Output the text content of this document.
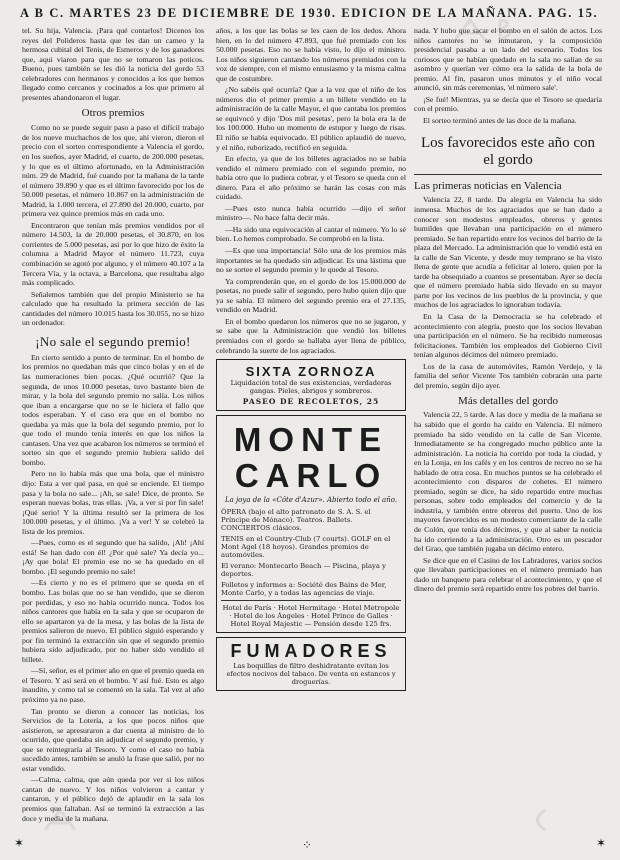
A B C. MARTES 23 DE DICIEMBRE DE 1930. EDICION DE LA MAÑANA. PAG. 15.

tel. Su hija, Valencia. ¡Para qué contarlos! Dicenos los reyes del Polideros hasta que les dan un cameo y la hermosa cubital del Tenis, de Esmeros y de los ganadores que, aqui viaron para que no se tomaron las poticos. Bueno, pues también se les dió la noticia del gordo 53 celebradores con hermanos y conocidos a los que hemos llegado como cercanos y cocinados a los que primero al presentes ahandonaron el lugar.

Otros premios

Como no se puede seguir paso a paso el difícil trabajo de los nueve muchachos de los que, ahí vieron, dieron el precio con el sorteo correspondiente a Valencia el gordo, en los sueños, ayer Madrid, el cuarto, de 200.000 pesetas, y lo que es el último afortunado, en la Administración núm. 29 de Madrid, fué cuando por la mañana de la tarde el número 39.890 y que es el último favorecido por los de 50.000 pesetas, el número 10.867 en la administración de Madrid, la 1.000 tercera, el 27.890 del 20.000, cuarto, por primera vez quince premios más en cada uno.

Encontraron que tenían más premios vendidos por el número 14.503, la de 20.000 pesetas, el 30.870, en los corrientes de 5.000 pesetas, asi por lo que hizo de éxito la columna a Madrid Mayor el número 11.723, cuya combinación se agotó por alguno, y el número 40.107 a la Tercera Vía, y la octava, a Barcelona, que resultaba algo más complicado.

Señalemos también que del propio Ministerio se ha calculado que ha resultado la primera sección de las cantidades del número 10.015 hasta los 30.055, no se hizo un ordenador.

¡No sale el segundo premio!

En cierto sentido a punto de terminar. En el bombo de los premios no quedaban más que cinco bolas y en el de las numeraciones bien pocas. ¿Qué ocurrió? Que la segunda, de unos 10.000 pesetas, tuvo bastante bien de mirar, y la bola del segundo premio no salía. Los niños que iban a encargarse que no se le hiciera el fallo que todos esperaban. Y el caso era que en el bombo no quedaba ya más que la bola del segundo premio, por lo que todo el mundo tenía interés en que los niños la cantasen. Una vez que acabaron los números se terminó el sorteo sin que el segundo premio hubiera salido del bombo.

Pero no lo había más que una bola, que el ministro dijo: Esta a ver qué pasa, en qué se enciende. El tiempo pasa y la bola no sale... ¡Ah, se sale! Dice, de pronto. Se esperan nuevas bolas, tras ellas. ¡Va, a ver si por fin sale! ¡Qué serio! Y la última resultó ser la primera de los 100.000 pesetas, y el último. ¡Va a ver! Y se celebró la lista de los premios.

—Pues, como es el segundo que ha salido, ¡Ah! ¡Ahí está! Se han dado con él! ¿Por qué sale? Ya decía yo... ¡Ay que bola! El premio ese no se ha quedado en el bombo. ¡El segundo premio no sale!

—Es cierto y no es el primero que se queda en el bombo. Las bolas que no se han vendido, que se dieron por perdidas, y eso no había ocurrido nunca. Todos los niños cantores que había en la sala y que se ocuparon de ello se apartaron ya de la mesa, y las bolas de la lista de premios salieron de nuevo. El público siguió esperando y por fin terminó la extracción sin que el segundo premio hubiera sido adjudicado, por no haber sido vendido el billete.

—Sí, señor, es el primer año en que el premio queda en el Tesoro. Y así será en el bombo. Y así fué. Esto es algo inaudito, y como tal se comentó en la sala. Tal vez al año próximo ya no pase.

Tan pronto se dieron a conocer las noticias, los Servicios de la Lotería, a los que pocos niños que asistieron, se apresuraron a dar cuenta al ministro de lo ocurrido, que quedaba sin adjudicar el segundo premio, y que se reintegraría al Tesoro. Y como el caso no había sucedido antes, también se anuló la frase que salió, por no estar vendido.

—Calma, calma, que aún queda por ver si los niños cantan de nuevo. Y los niños volvieron a cantar y cantaron, y el público dejó de aplaudir en la sala los premios que faltaban. Así se terminó la extracción a las doce y media de la mañana.

años, a los que las bolas se les caen de los dedos. Ahora bien, en lo del número 47.893, que fué premiado con los 50.000 pesetas. Eso no se había visto, lo dijo el ministro. Los niños siguieron cantando los números premiados con la voz de siempre, con el mismo entusiasmo y la misma calma que de costumbre.

¿No sabéis qué ocurría? Que a la vez que el niño de los números dio el primer premio a un billete vendido en la administración de la calle Mayor, el que cantaba los premios se equivocó y dijo 'Dos mil pesetas', pero la bola era la de los 100.000. Hubo un momento de estupor y luego de risas. El niño se había equivocado. El público aplaudió de nuevo, y el niño, ruborizado, rectificó en seguida.

En efecto, ya que de los billetes agraciados no se había vendido el número premiado con el segundo premio, no había otro que lo pudiera cobrar, y el Tesoro se queda con el dinero. Para el año próximo se harán las cosas con más cuidado.

—Pues esto nunca había ocurrido —dijo el señor ministro—. No hace falta decir más.

—Ha sido una equivocación al cantar el número. Yo lo sé bien. Lo hemos comprobado. Se comprobó en la lista.

—Es que una importancia! Sólo una de los premios más importantes se ha quedado sin adjudicar. Es una lástima que no se sortee el segundo premio y le quede al Tesoro.

Ya comprenderán que, en el gordo de los 15.000.000 de pesetas, no puede salir el segundo, pero hubo quien dijo que ya se sabía. El número del segundo premio era el 27.135, vendido en Madrid.

En el bombo quedaron los números que no se jugaron, y se sabe que la Administración que vendió los billetes premiados con el gordo se hallaba ayer llena de público, celebrando la suerte de los agraciados.

SIXTA ZORNOZA
Liquidación total de sus existencias, verdaderas gangas. Pieles, abrigos y sombreros.
PASEO DE RECOLETOS, 25
MONTE CARLO
La joya de la «Côte d'Azur». Abierto todo el año.

ÓPERA (bajo el alto patronato de S. A. S. el Príncipe de Mónaco). Teatros. Ballets. CONCIERTOS clásicos.

TENIS en el Country-Club (7 courts). GOLF en el Mont Agel (18 hoyos). Grandes premios de automóviles.

El verano: Montecarlo Beach — Piscina, playa y deportes.

Folletos y informes a: Société des Bains de Mer, Monte Carlo, y a todas las agencias de viaje.

Hotel de París · Hotel Hermitage · Hotel Metropole · Hotel de los Ángeles · Hotel Prince de Galles · Hotel Royal Majestic — Pensión desde 125 frs.
FUMADORES
Las boquillas de filtro deshidratante evitan los efectos nocivos del tabaco. De venta en estancos y droguerías.

nada. Y hubo que sacar el bombo en el salón de actos. Los niños cantores no se inmutaron, y la composición presidencial pasaba a un lado del escenario. Todos los curiosos que se habían quedado en la sala no salían de su asombro y querían ver cómo era la salida de la bola de premio. Al fin, pasaron unos minutos y el niño vocal anunció, sin más ceremonias, 'el número sale'.

¡Se fué! Mientras, ya se decía que el Tesoro se quedaría con el premio.

El sorteo terminó antes de las doce de la mañana.

Los favorecidos este año con el gordo
Las primeras noticias en Valencia

Valencia 22, 8 tarde. Da alegría en Valencia ha sido inmensa. Muchos de los agraciados que se han dado a conocer son modestos empleados, obreros y gentes humildes que llevaban una participación en el número premiado. Se han repartido entre los vecinos del barrio de la plaza del Mercado. La administración que lo vendió está en la calle de San Vicente, y desde muy temprano se ha visto llena de gente que acudía a felicitar al lotero, quien por la tarde ha obsequiado a cuantos se presentaban. Ayer se decía que el número premiado había sido llevado en su mayor parte por los vecinos de los pueblos de la provincia, y que muchos de los agraciados lo ignoraban todavía.

En la Casa de la Democracia se ha celebrado el acontecimiento con alegría, puesto que los socios llevaban una participación en el número. Se ha recibido numerosas felicitaciones. También los empleados del Gobierno Civil tenían algunos décimos del número premiado.

Los de la casa de automóviles, Ramón Verdejo, y la familia del señor Vicente Tos también cobrarán una parte del premio, según dijo ayer.

Más detalles del gordo

Valencia 22, 5 tarde. A las doce y media de la mañana se ha sabido que el gordo ha caído en Valencia. El número premiado ha sido vendido en la calle de San Vicente. Inmediatamente se ha congregado mucho público ante la administración. La noticia ha corrido por toda la ciudad, y en la Lonja, en los cafés y en los centros de recreo no se ha hablado de otra cosa. En muchos puntos se ha celebrado el acontecimiento con disparos de cohetes. El número premiado, según se dice, ha sido repartido entre muchas personas, sobre todo empleados del comercio y de la industria, y también entre obreros del puerto. Uno de los mayores favorecidos es un modesto comerciante de la calle de Colón, que tenía dos décimos, y que al saber la noticia ha ido corriendo a la administración. Otro es un pescador del Grao, que también jugaba un décimo entero.

Se dice que en el Casino de los Labradores, varios socios que llevaban participaciones en el número premiado han dado un banquete para celebrar el acontecimiento, y que el dinero del premio será repartido entre los pobres del barrio.

✶	⁘	✶
